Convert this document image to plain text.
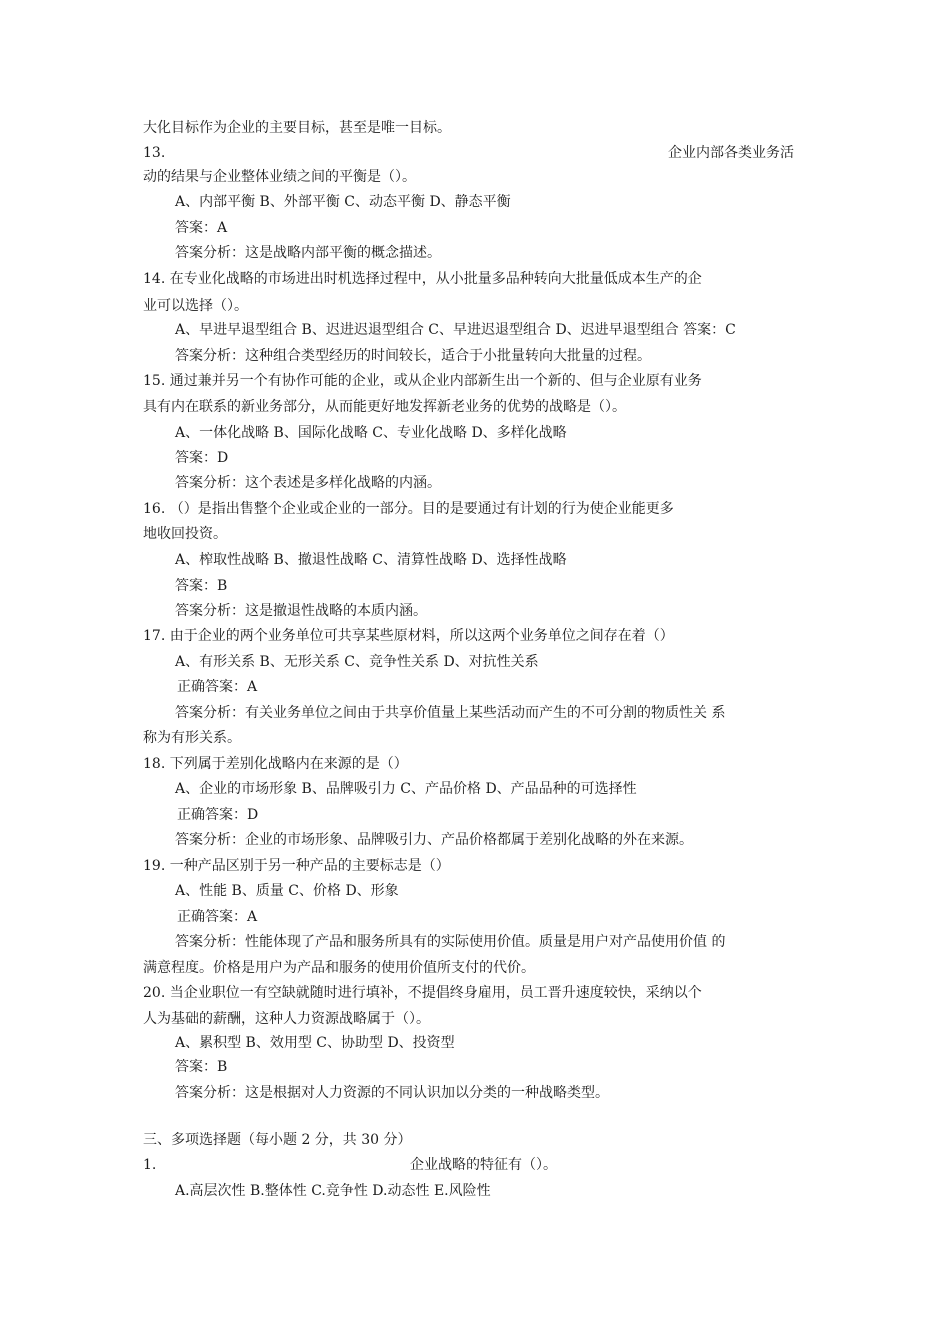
大化目标作为企业的主要目标，甚至是唯一目标。
13.	企业内部各类业务活
动的结果与企业整体业绩之间的平衡是（）。
A、内部平衡 B、外部平衡 C、动态平衡 D、静态平衡
答案：A
答案分析：这是战略内部平衡的概念描述。
14. 在专业化战略的市场进出时机选择过程中，从小批量多品种转向大批量低成本生产的企
业可以选择（）。
A、早进早退型组合 B、迟进迟退型组合 C、早进迟退型组合 D、迟进早退型组合 答案：C
答案分析：这种组合类型经历的时间较长，适合于小批量转向大批量的过程。
15. 通过兼并另一个有协作可能的企业，或从企业内部新生出一个新的、但与企业原有业务
具有内在联系的新业务部分，从而能更好地发挥新老业务的优势的战略是（）。
A、一体化战略 B、国际化战略 C、专业化战略 D、多样化战略
答案：D
答案分析：这个表述是多样化战略的内涵。
16. （）是指出售整个企业或企业的一部分。目的是要通过有计划的行为使企业能更多
地收回投资。
A、榨取性战略 B、撤退性战略 C、清算性战略 D、选择性战略
答案：B
答案分析：这是撤退性战略的本质内涵。
17. 由于企业的两个业务单位可共享某些原材料，所以这两个业务单位之间存在着（）
A、有形关系 B、无形关系 C、竞争性关系 D、对抗性关系
正确答案：A
答案分析：有关业务单位之间由于共享价值量上某些活动而产生的不可分割的物质性关 系
称为有形关系。
18. 下列属于差别化战略内在来源的是（）
A、企业的市场形象 B、品牌吸引力 C、产品价格 D、产品品种的可选择性
正确答案：D
答案分析：企业的市场形象、品牌吸引力、产品价格都属于差别化战略的外在来源。
19. 一种产品区别于另一种产品的主要标志是（）
A、性能 B、质量 C、价格 D、形象
正确答案：A
答案分析：性能体现了产品和服务所具有的实际使用价值。质量是用户对产品使用价值 的
满意程度。价格是用户为产品和服务的使用价值所支付的代价。
20. 当企业职位一有空缺就随时进行填补，不提倡终身雇用，员工晋升速度较快，采纳以个
人为基础的薪酬，这种人力资源战略属于（）。
A、累积型 B、效用型 C、协助型 D、投资型
答案：B
答案分析：这是根据对人力资源的不同认识加以分类的一种战略类型。
三、多项选择题（每小题 2 分，共 30 分）
1.	企业战略的特征有（）。
A.高层次性 B.整体性 C.竞争性 D.动态性 E.风险性
